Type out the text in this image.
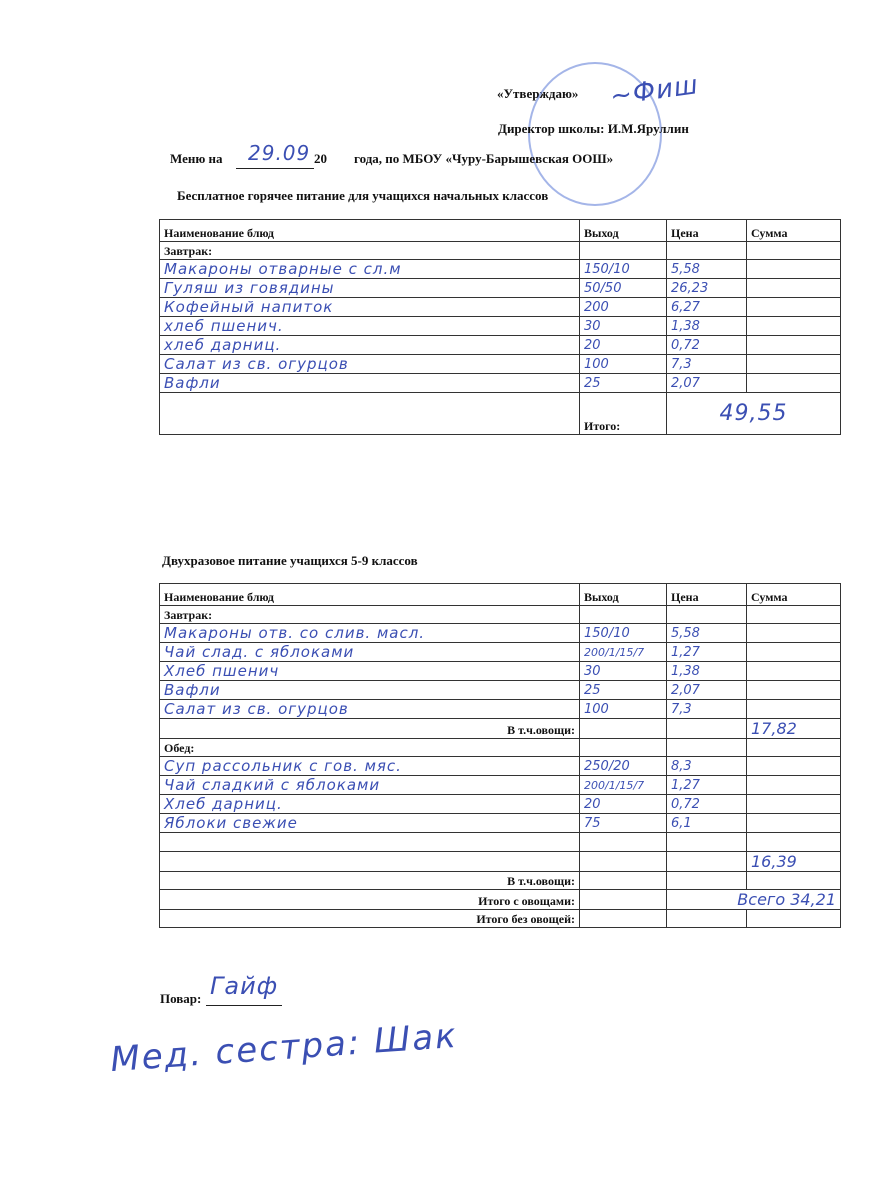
«Утверждаю» ~Фиш
Директор школы: И.М.Яруллин
Меню на 29.09 20 года, по МБОУ «Чуру-Барышевская ООШ»
Бесплатное горячее питание для учащихся начальных классов
Наименование блюд	Выход	Цена	Сумма
Завтрак:			
Макароны отварные с сл.м	150/10	5,58	
Гуляш из говядины	50/50	26,23	
Кофейный напиток	200	6,27	
хлеб пшенич.	30	1,38	
хлеб дарниц.	20	0,72	
Салат из св. огурцов	100	7,3	
Вафли	25	2,07	
	Итого:	49,55	
Двухразовое питание учащихся 5-9 классов
Наименование блюд	Выход	Цена	Сумма
Завтрак:			
Макароны отв. со слив. масл.	150/10	5,58	
Чай слад. с яблоками	200/1/15/7	1,27	
Хлеб пшенич	30	1,38	
Вафли	25	2,07	
Салат из св. огурцов	100	7,3	
В т.ч.овощи:			17,82
Обед:			
Суп рассольник с гов. мяс.	250/20	8,3	
Чай сладкий с яблоками	200/1/15/7	1,27	
Хлеб дарниц.	20	0,72	
Яблоки свежие	75	6,1	

			16,39
В т.ч.овощи:			
Итого с овощами:		Всего 34,21	
Итого без овощей:			
Повар: Гайф
Мед. сестра: Шак
